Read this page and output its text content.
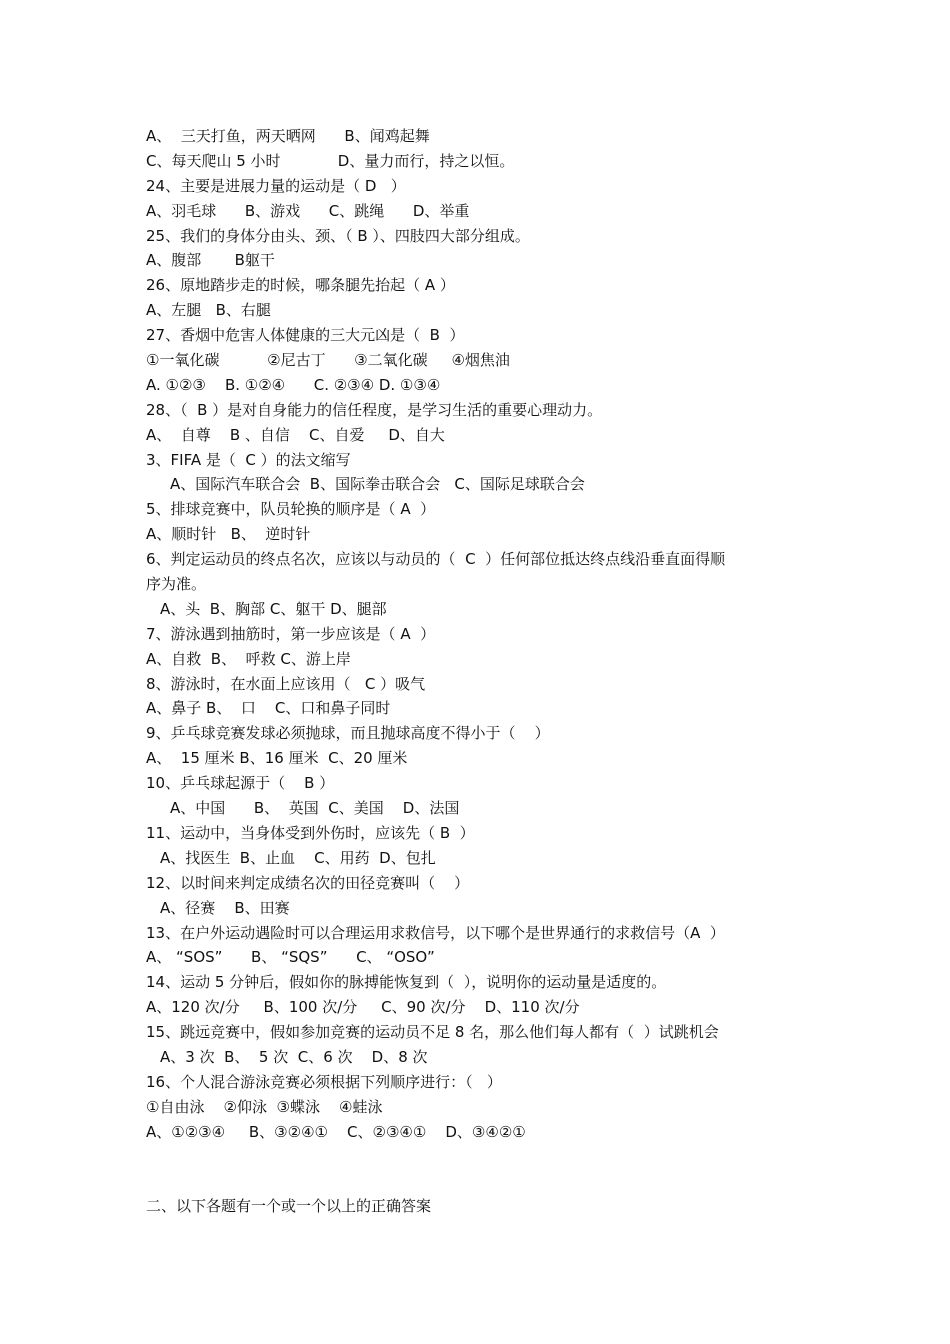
A、  三天打鱼，两天晒网      B、闻鸡起舞
C、每天爬山 5 小时            D、量力而行，持之以恒。
24、主要是进展力量的运动是（ D   ）
A、羽毛球      B、游戏      C、跳绳      D、举重
25、我们的身体分由头、颈、（ B ）、四肢四大部分组成。
A、腹部       B躯干
26、原地踏步走的时候，哪条腿先抬起（ A ）
A、左腿   B、右腿
27、香烟中危害人体健康的三大元凶是（  B  ）
①一氧化碳          ②尼古丁      ③二氧化碳     ④烟焦油
A. ①②③    B. ①②④      C. ②③④ D. ①③④
28、（  B ）是对自身能力的信任程度，是学习生活的重要心理动力。
A、  自尊    B 、自信    C、自爱     D、自大
3、FIFA 是（  C ）的法文缩写
A、国际汽车联合会  B、国际拳击联合会   C、国际足球联合会
5、排球竞赛中，队员轮换的顺序是（ A  ）
A、顺时针   B、  逆时针
6、判定运动员的终点名次，应该以与动员的（  C  ）任何部位抵达终点线沿垂直面得顺
序为准。
A、头  B、胸部 C、躯干 D、腿部
7、游泳遇到抽筋时，第一步应该是（ A  ）
A、自救  B、  呼救 C、游上岸
8、游泳时，在水面上应该用（   C ）吸气
A、鼻子 B、  口    C、口和鼻子同时
9、乒乓球竞赛发球必须抛球，而且抛球高度不得小于（    ）
A、  15 厘米 B、16 厘米  C、20 厘米
10、乒乓球起源于（    B ）
A、中国      B、  英国  C、美国    D、法国
11、运动中，当身体受到外伤时，应该先（ B  ）
A、找医生  B、止血    C、用药  D、包扎
12、以时间来判定成绩名次的田径竞赛叫（    ）
A、径赛    B、田赛
13、在户外运动遇险时可以合理运用求救信号，以下哪个是世界通行的求救信号（A  ）
A、 “SOS”      B、 “SQS”      C、 “OSO”
14、运动 5 分钟后，假如你的脉搏能恢复到（  ），说明你的运动量是适度的。
A、120 次/分     B、100 次/分     C、90 次/分    D、110 次/分
15、跳远竞赛中，假如参加竞赛的运动员不足 8 名，那么他们每人都有（  ）试跳机会
A、3 次  B、  5 次  C、6 次    D、8 次
16、个人混合游泳竞赛必须根据下列顺序进行：（   ）
①自由泳    ②仰泳  ③蝶泳    ④蛙泳
A、①②③④     B、③②④①    C、②③④①    D、③④②①
二、以下各题有一个或一个以上的正确答案
